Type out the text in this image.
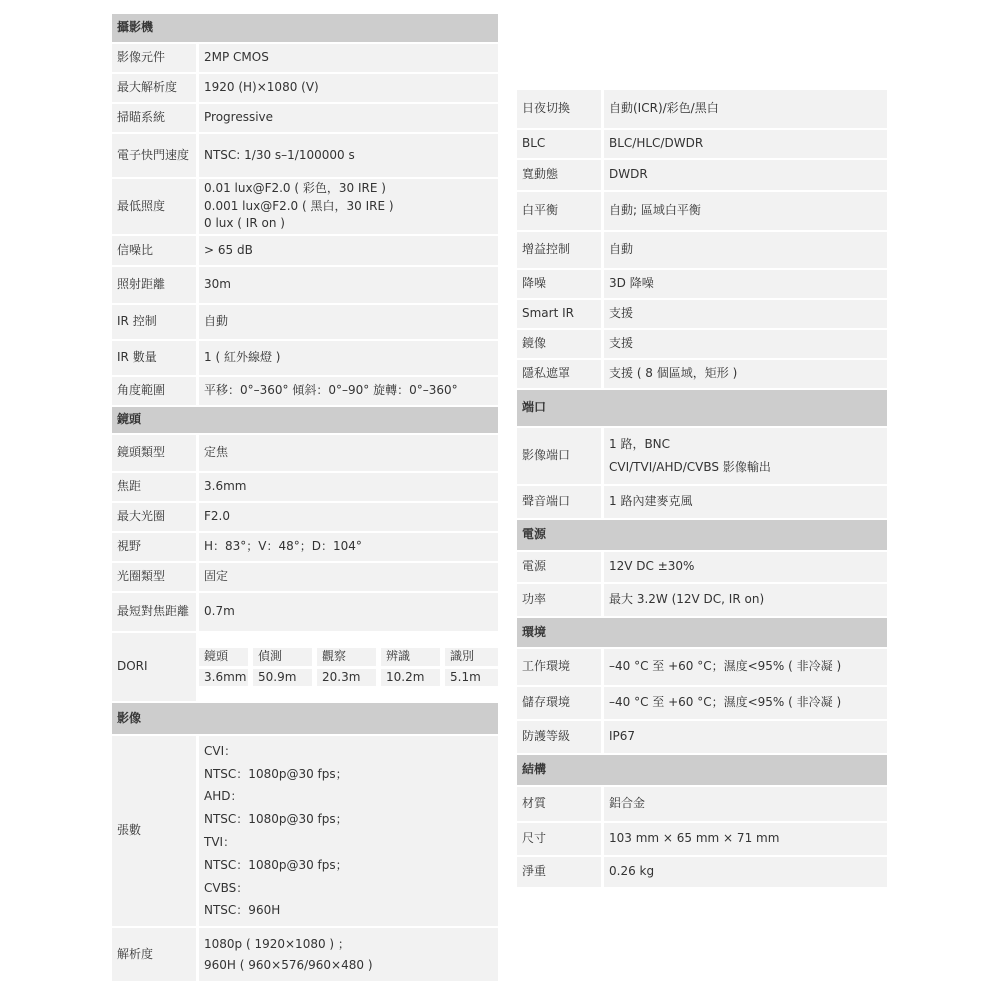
攝影機
影像元件	2MP CMOS
最大解析度	1920 (H)×1080 (V)
掃瞄系統	Progressive
電子快門速度	NTSC: 1/30 s–1/100000 s
最低照度	0.01 lux@F2.0 ( 彩色，30 IRE )
0.001 lux@F2.0 ( 黑白，30 IRE )
0 lux ( IR on )
信噪比	> 65 dB
照射距離	30m
IR 控制	自動
IR 數量	1 ( 紅外線燈 )
角度範圍	平移：0°–360° 傾斜：0°–90° 旋轉：0°–360°
鏡頭
鏡頭類型	定焦
焦距	3.6mm
最大光圈	F2.0
視野	H：83°；V：48°；D：104°
光圈類型	固定
最短對焦距離	0.7m
DORI	
鏡頭	偵測	觀察	辨識	識別
3.6mm	50.9m	20.3m	10.2m	5.1m

影像
張數	CVI：
NTSC：1080p@30 fps；
AHD：
NTSC：1080p@30 fps；
TVI：
NTSC：1080p@30 fps；
CVBS：
NTSC：960H
解析度	1080p ( 1920×1080 ) ；
960H ( 960×576/960×480 )
日夜切換	自動(ICR)/彩色/黑白
BLC	BLC/HLC/DWDR
寬動態	DWDR
白平衡	自動; 區域白平衡
增益控制	自動
降噪	3D 降噪
Smart IR	支援
鏡像	支援
隱私遮罩	支援 ( 8 個區域，矩形 )
端口	
影像端口	1 路，BNC
CVI/TVI/AHD/CVBS 影像輸出
聲音端口	1 路內建麥克風
電源	
電源	12V DC ±30%
功率	最大 3.2W (12V DC, IR on)
環境	
工作環境	–40 °C 至 +60 °C；濕度<95% ( 非冷凝 )
儲存環境	–40 °C 至 +60 °C；濕度<95% ( 非冷凝 )
防護等級	IP67
結構	
材質	鋁合金
尺寸	103 mm × 65 mm × 71 mm
淨重	0.26 kg
